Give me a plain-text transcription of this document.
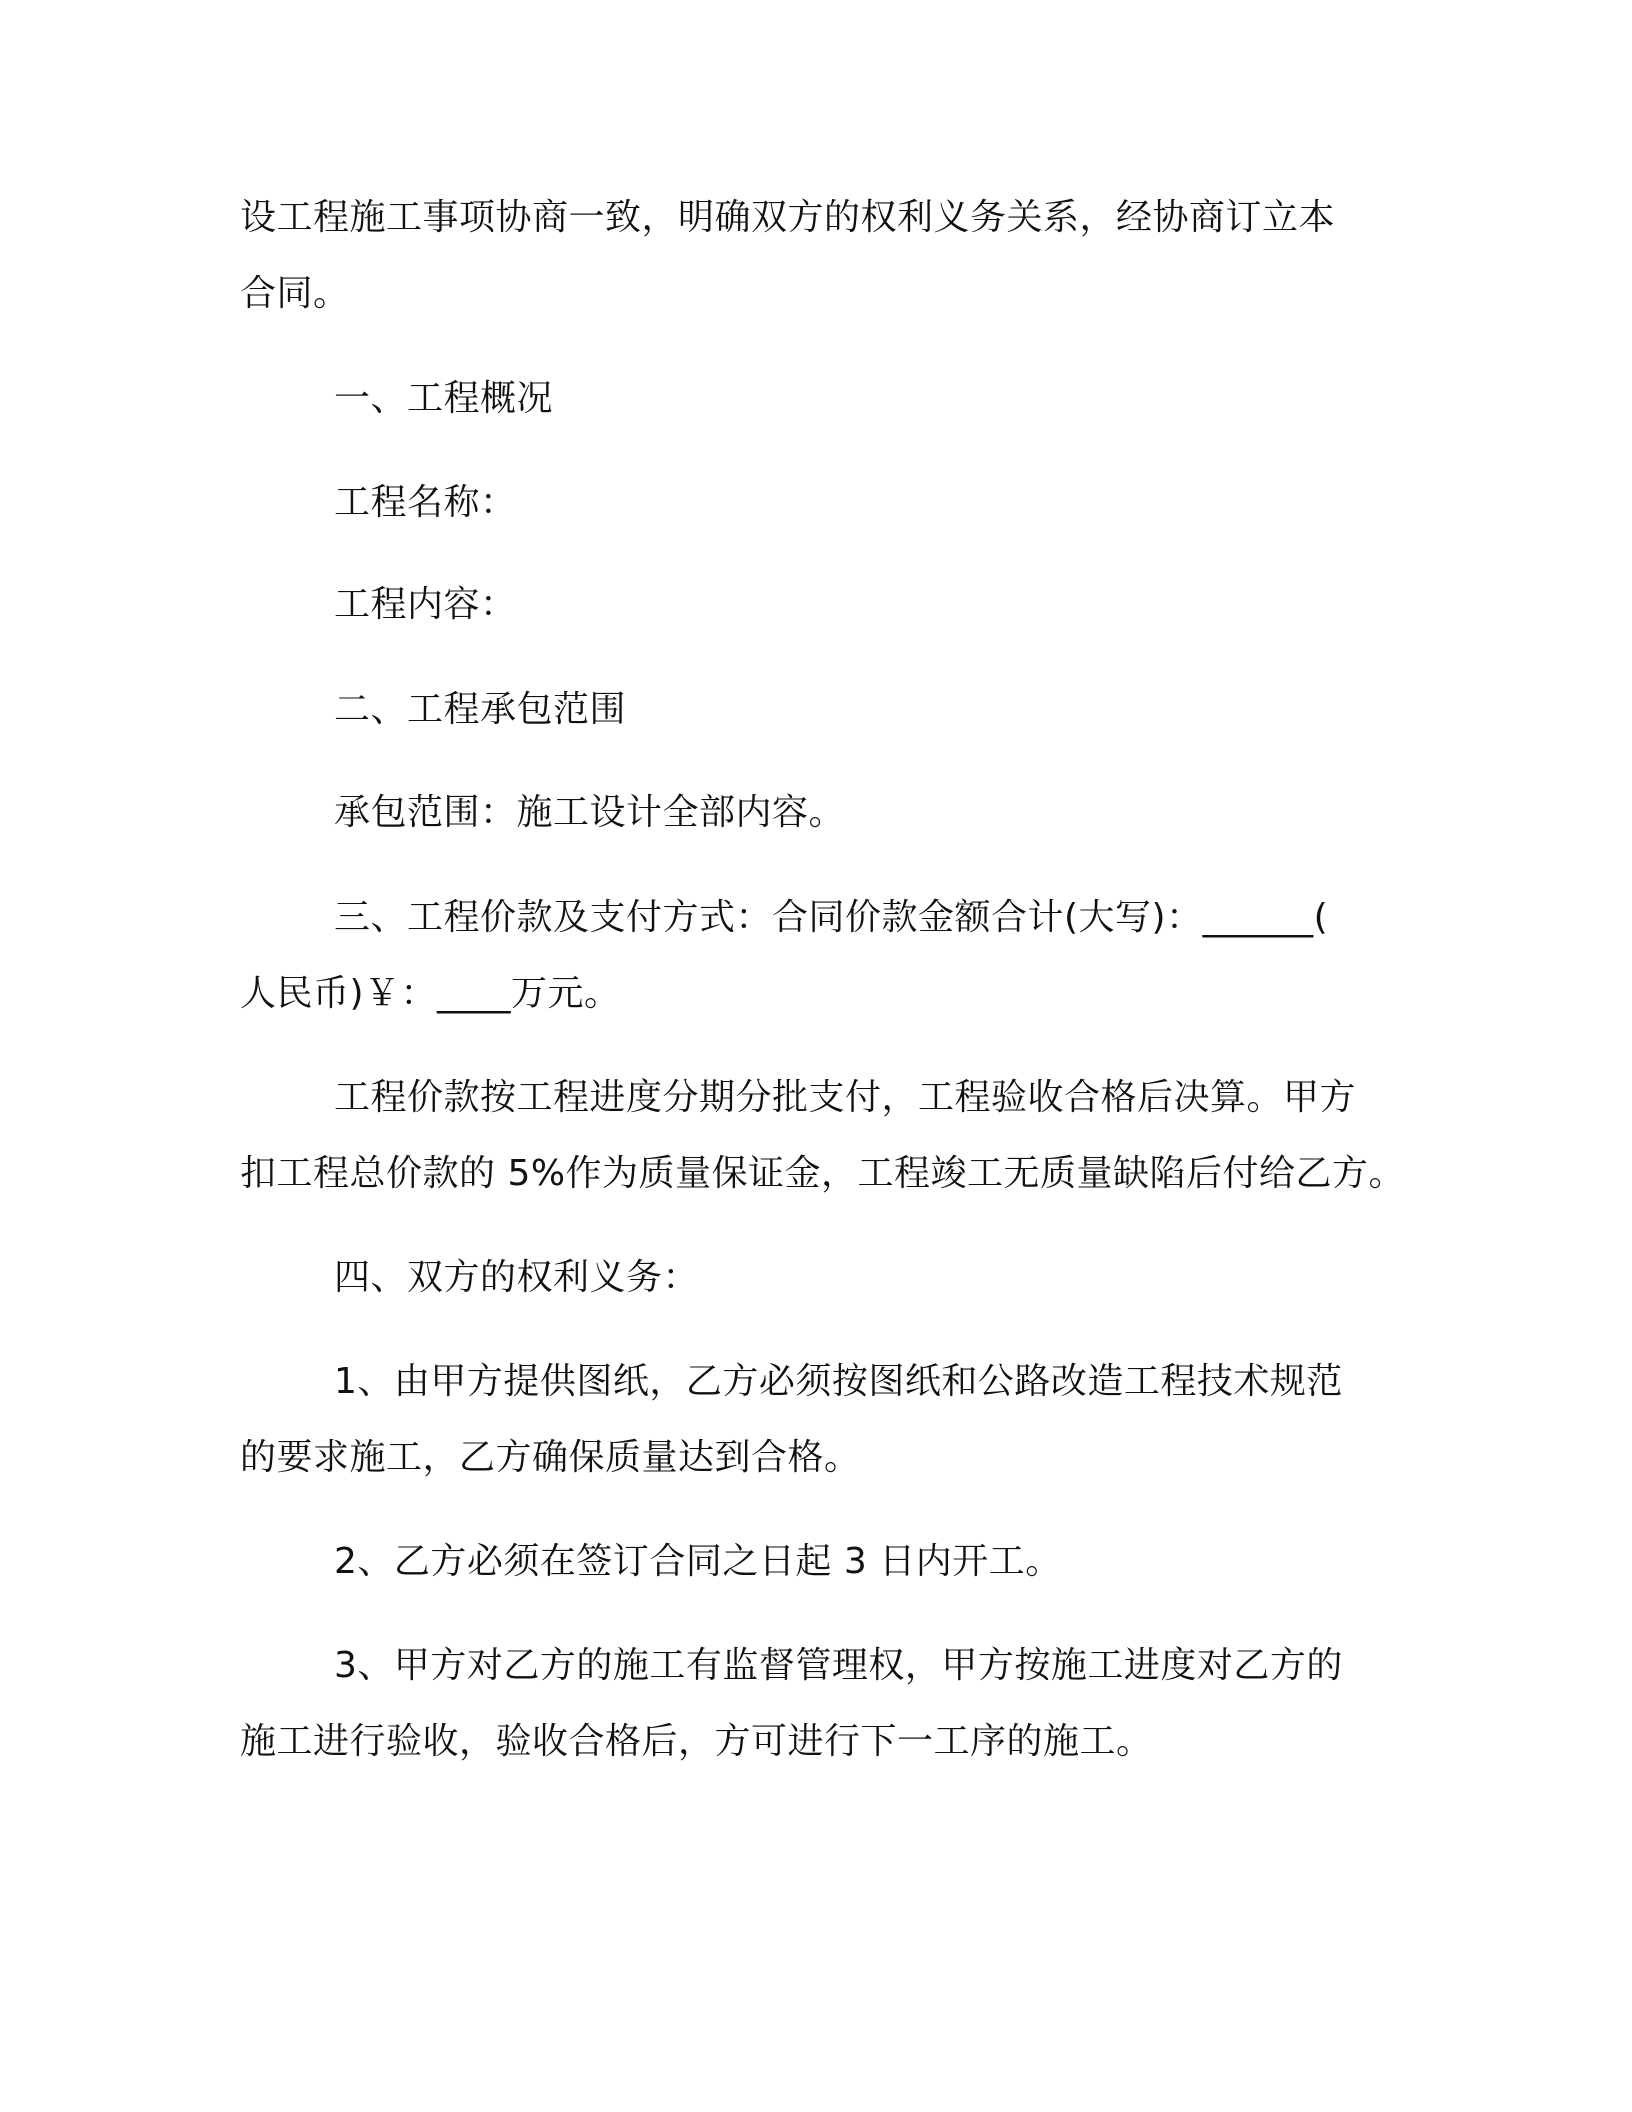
设工程施工事项协商一致，明确双方的权利义务关系，经协商订立本
合同。
一、工程概况
工程名称：
工程内容：
二、工程承包范围
承包范围：施工设计全部内容。
三、工程价款及支付方式：合同价款金额合计(大写)：______(
人民币)￥：____万元。
工程价款按工程进度分期分批支付，工程验收合格后决算。甲方
扣工程总价款的 5%作为质量保证金，工程竣工无质量缺陷后付给乙方。
四、双方的权利义务：
1、由甲方提供图纸，乙方必须按图纸和公路改造工程技术规范
的要求施工，乙方确保质量达到合格。
2、乙方必须在签订合同之日起 3 日内开工。
3、甲方对乙方的施工有监督管理权，甲方按施工进度对乙方的
施工进行验收，验收合格后，方可进行下一工序的施工。
